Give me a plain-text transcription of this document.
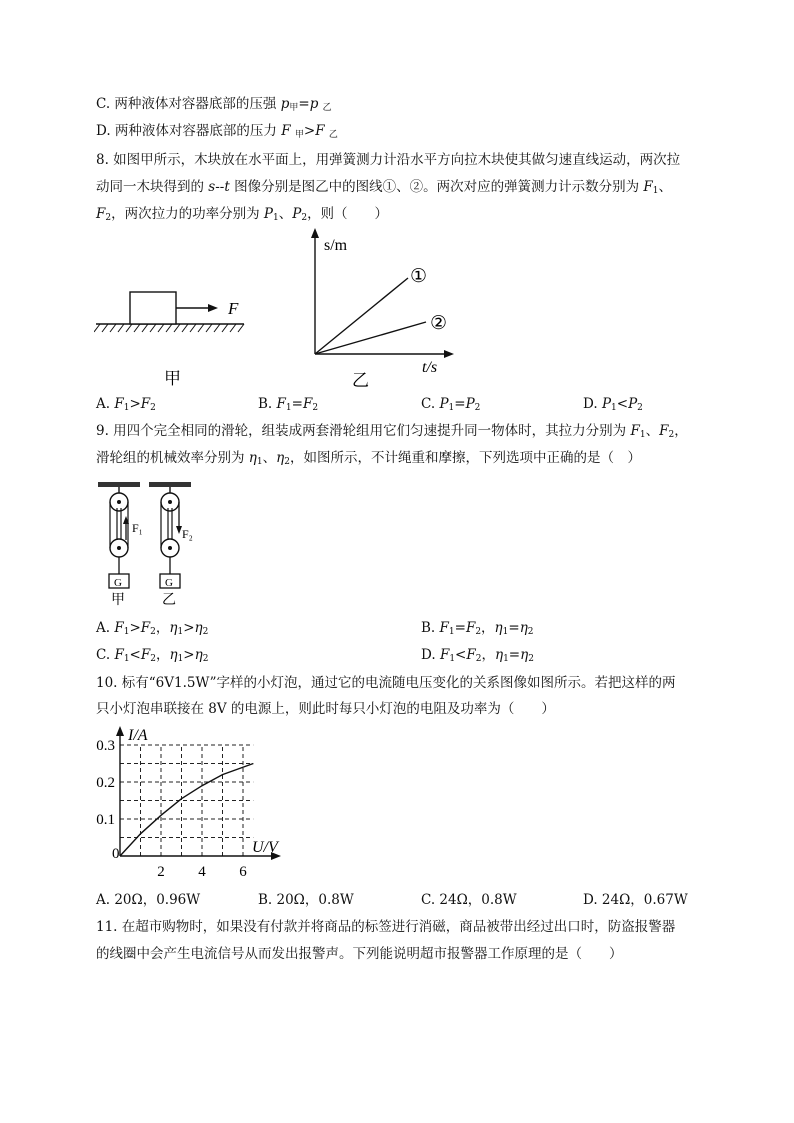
C. 两种液体对容器底部的压强 $p_甲=p$ $_乙$
D. 两种液体对容器底部的压力 F $_甲$>F $_乙$
8. 如图甲所示，木块放在水平面上，用弹簧测力计沿水平方向拉木块使其做匀速直线运动，两次拉
动同一木块得到的 s--t 图像分别是图乙中的图线①、②。两次对应的弹簧测力计示数分别为 $F_1$、
$F_2$，两次拉力的功率分别为 $P_1$、$P_2$，则（　　）
F
甲
s/m
t/s
①
②
乙
A. $F_1>F_2$	B. $F_1=F_2$	C. $P_1=P_2$	D. $P_1<P_2$
9. 用四个完全相同的滑轮，组装成两套滑轮组用它们匀速提升同一物体时，其拉力分别为 $F_1$、$F_2$，
滑轮组的机械效率分别为 $\eta_1$、$\eta_2$，如图所示，不计绳重和摩擦，下列选项中正确的是（　）
F₁
G
甲
F₂
G
乙
A. $F_1>F_2$，$\eta_1>\eta_2$	B. $F_1=F_2$，$\eta_1=\eta_2$
C. $F_1<F_2$，$\eta_1>\eta_2$	D. $F_1<F_2$，$\eta_1=\eta_2$
10. 标有“6V1.5W”字样的小灯泡，通过它的电流随电压变化的关系图像如图所示。若把这样的两
只小灯泡串联接在 8V 的电源上，则此时每只小灯泡的电阻及功率为（　　）
I/A
U/V
0
2 4 6
0.1
0.2
0.3
A. 20Ω，0.96W	B. 20Ω，0.8W	C. 24Ω，0.8W	D. 24Ω，0.67W
11. 在超市购物时，如果没有付款并将商品的标签进行消磁，商品被带出经过出口时，防盗报警器
的线圈中会产生电流信号从而发出报警声。下列能说明超市报警器工作原理的是（　　）
